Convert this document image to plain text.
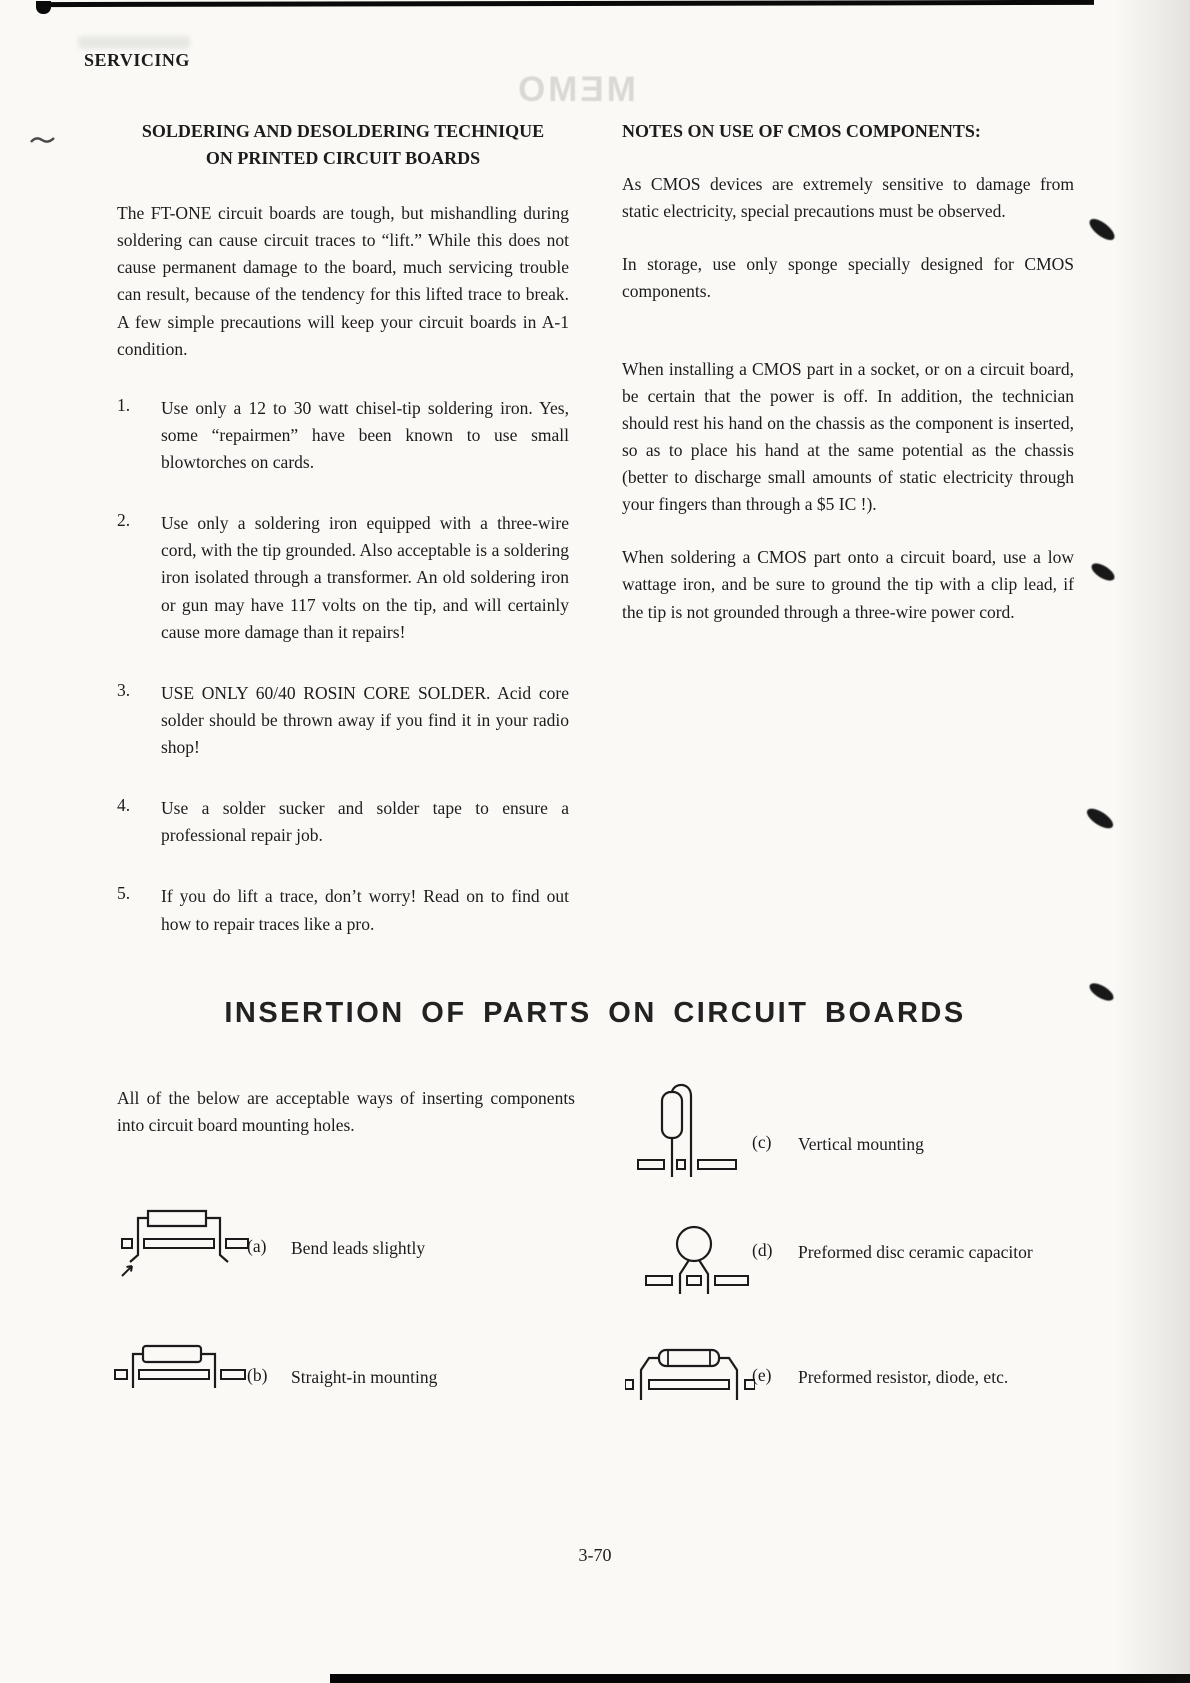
MEMO
SERVICING
SOLDERING AND DESOLDERING TECHNIQUE
ON PRINTED CIRCUIT BOARDS
The FT-ONE circuit boards are tough, but mishandling during soldering can cause circuit traces to “lift.” While this does not cause permanent damage to the board, much servicing trouble can result, because of the tendency for this lifted trace to break. A few simple precautions will keep your circuit boards in A-1 condition.
1.	Use only a 12 to 30 watt chisel-tip soldering iron. Yes, some “repairmen” have been known to use small blowtorches on cards.
2.	Use only a soldering iron equipped with a three-wire cord, with the tip grounded. Also acceptable is a soldering iron isolated through a transformer. An old soldering iron or gun may have 117 volts on the tip, and will certainly cause more damage than it repairs!
3.	USE ONLY 60/40 ROSIN CORE SOLDER. Acid core solder should be thrown away if you find it in your radio shop!
4.	Use a solder sucker and solder tape to ensure a professional repair job.
5.	If you do lift a trace, don’t worry! Read on to find out how to repair traces like a pro.
NOTES ON USE OF CMOS COMPONENTS:
As CMOS devices are extremely sensitive to damage from static electricity, special precautions must be observed.
In storage, use only sponge specially designed for CMOS components.
When installing a CMOS part in a socket, or on a circuit board, be certain that the power is off. In addition, the technician should rest his hand on the chassis as the component is inserted, so as to place his hand at the same potential as the chassis (better to discharge small amounts of static electricity through your fingers than through a $5 IC !).
When soldering a CMOS part onto a circuit board, use a low wattage iron, and be sure to ground the tip with a clip lead, if the tip is not grounded through a three-wire power cord.
INSERTION OF PARTS ON CIRCUIT BOARDS
All of the below are acceptable ways of inserting components into circuit board mounting holes.
(c) Vertical mounting
(a) Bend leads slightly	(d) Preformed disc ceramic capacitor
(b) Straight-in mounting	(e) Preformed resistor, diode, etc.
3-70
